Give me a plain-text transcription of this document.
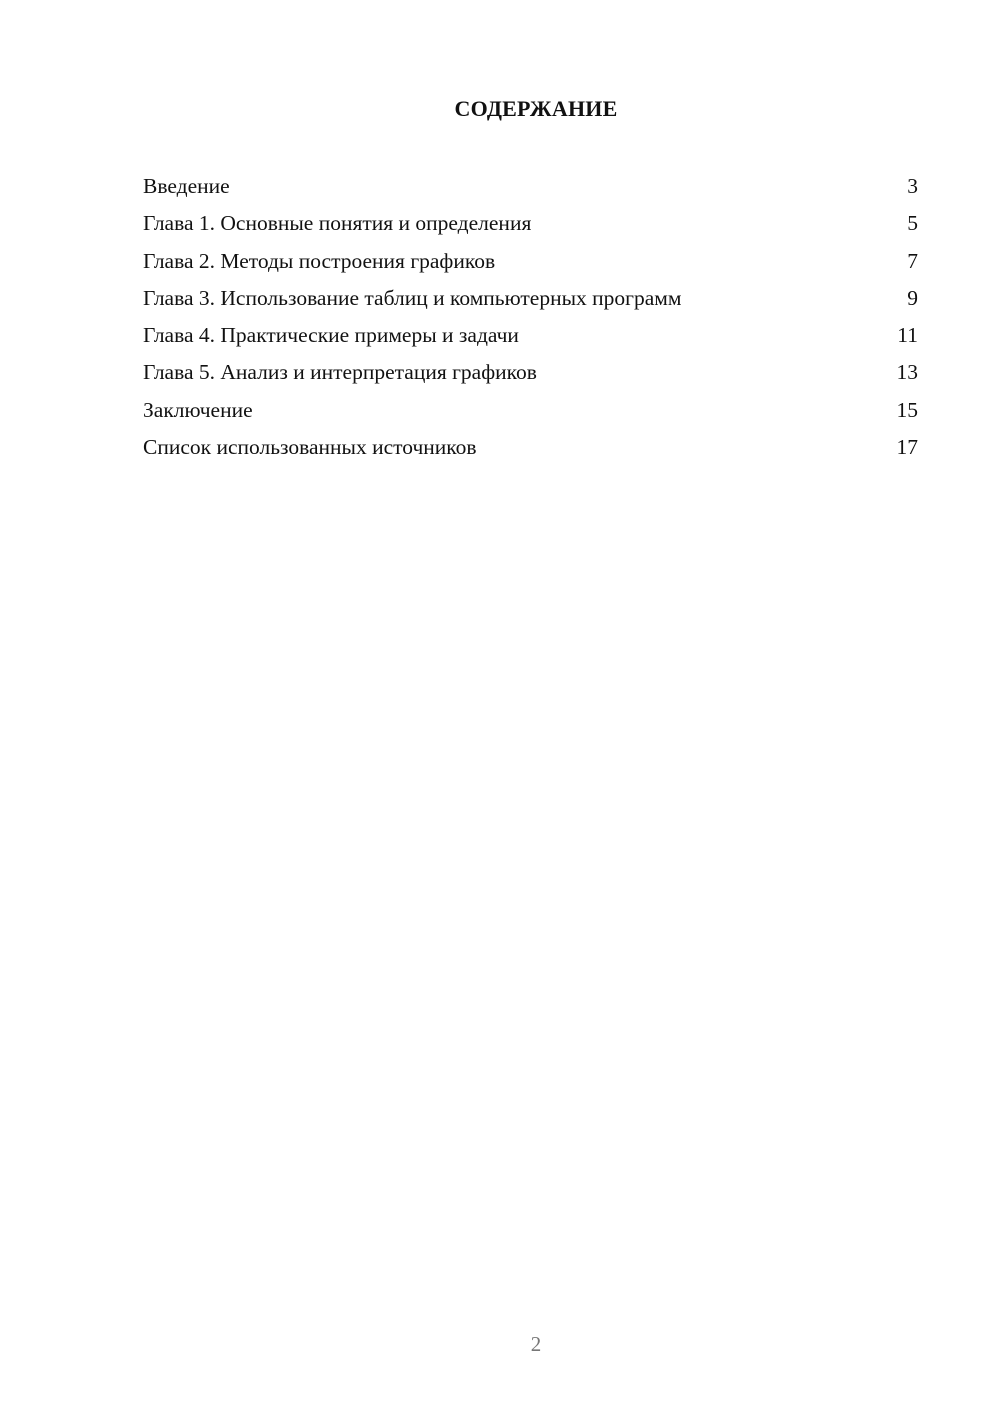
СОДЕРЖАНИЕ
Введение	3
Глава 1. Основные понятия и определения	5
Глава 2. Методы построения графиков	7
Глава 3. Использование таблиц и компьютерных программ	9
Глава 4. Практические примеры и задачи	11
Глава 5. Анализ и интерпретация графиков	13
Заключение	15
Список использованных источников	17
2
